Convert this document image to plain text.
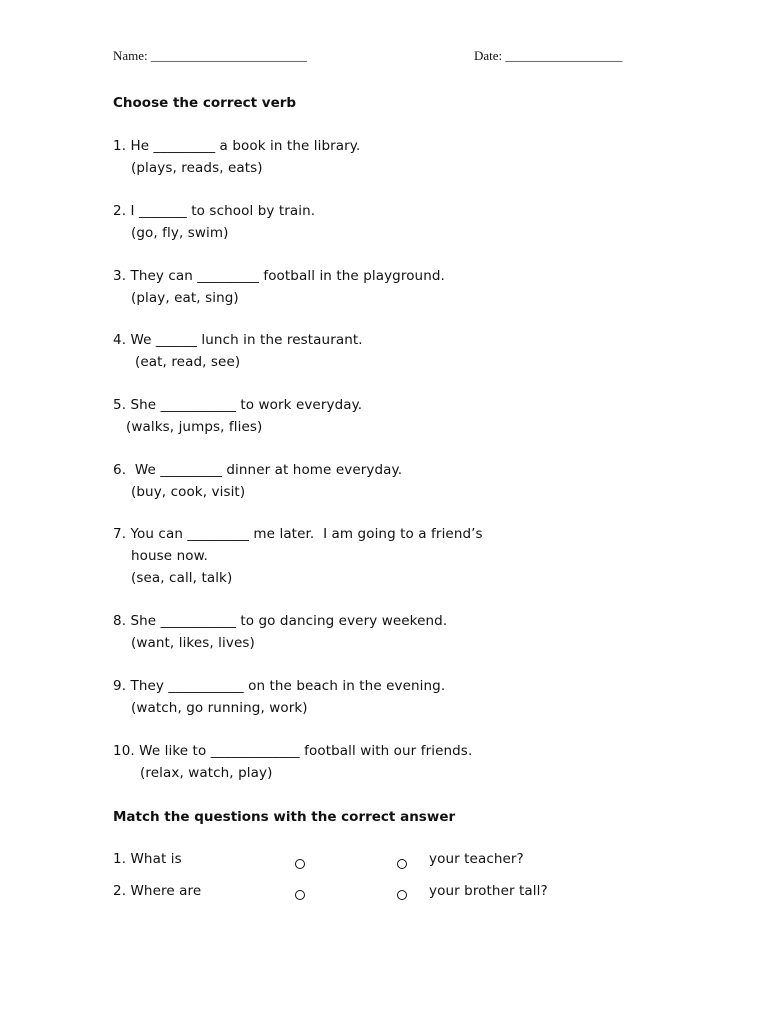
Name: ________________________	Date: __________________
Choose the correct verb
1. He _________ a book in the library.
(plays, reads, eats)
2. I _______ to school by train.
(go, fly, swim)
3. They can _________ football in the playground.
(play, eat, sing)
4. We ______ lunch in the restaurant.
(eat, read, see)
5. She ___________ to work everyday.
(walks, jumps, flies)
6.  We _________ dinner at home everyday.
(buy, cook, visit)
7. You can _________ me later.  I am going to a friend’s
house now.
(sea, call, talk)
8. She ___________ to go dancing every weekend.
(want, likes, lives)
9. They ___________ on the beach in the evening.
(watch, go running, work)
10. We like to _____________ football with our friends.
(relax, watch, play)
Match the questions with the correct answer
1. What is	your teacher?
2. Where are	your brother tall?
